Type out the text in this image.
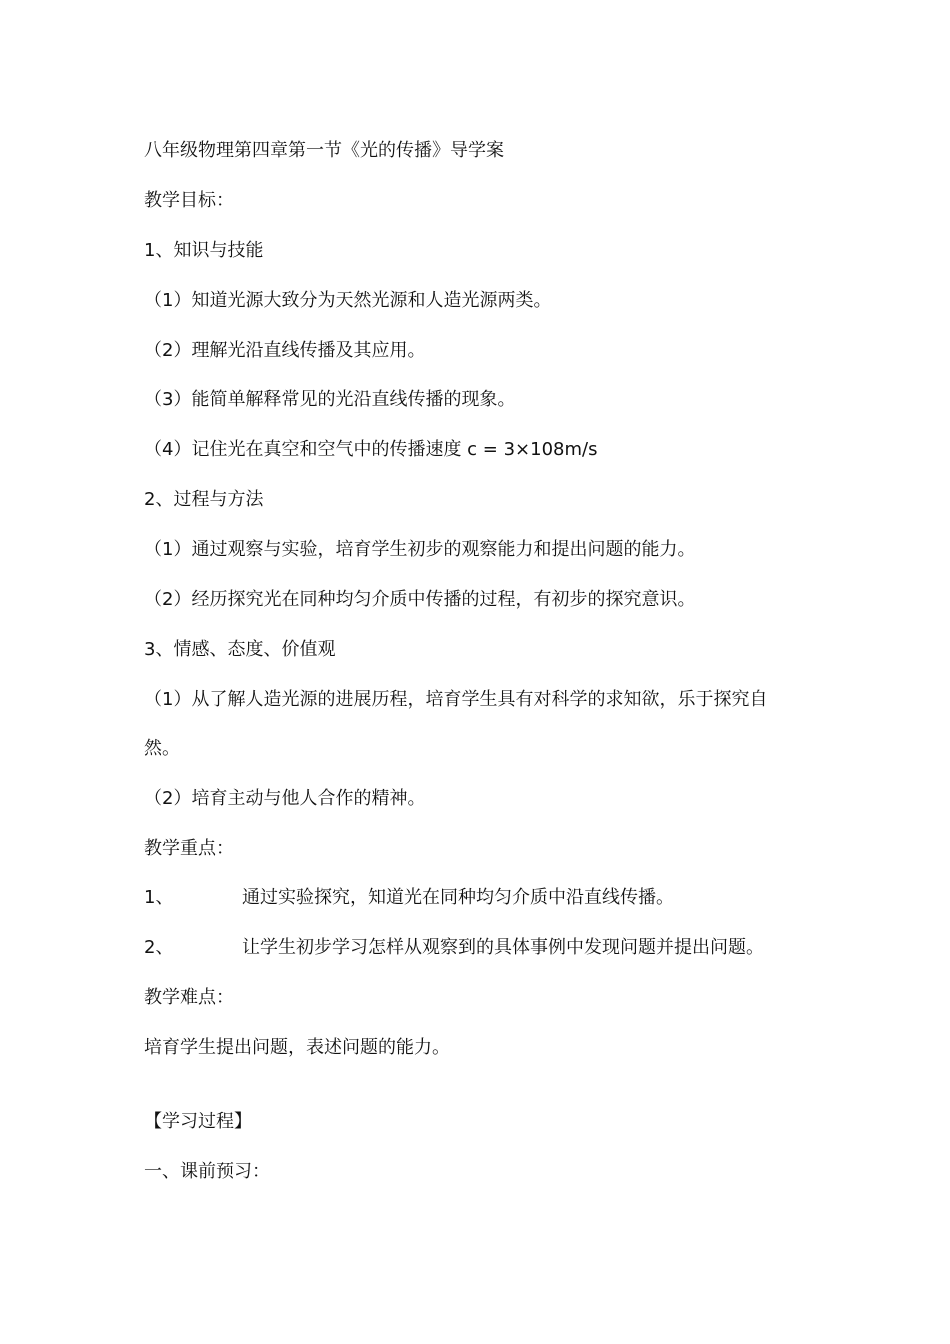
八年级物理第四章第一节《光的传播》导学案
教学目标：
1、知识与技能
（1）知道光源大致分为天然光源和人造光源两类。
（2）理解光沿直线传播及其应用。
（3）能简单解释常见的光沿直线传播的现象。
（4）记住光在真空和空气中的传播速度 c = 3×108m/s
2、过程与方法
（1）通过观察与实验，培育学生初步的观察能力和提出问题的能力。
（2）经历探究光在同种均匀介质中传播的过程，有初步的探究意识。
3、情感、态度、价值观
（1）从了解人造光源的进展历程，培育学生具有对科学的求知欲，乐于探究自
然。
（2）培育主动与他人合作的精神。
教学重点：
1、	通过实验探究，知道光在同种均匀介质中沿直线传播。
2、	让学生初步学习怎样从观察到的具体事例中发现问题并提出问题。
教学难点：
培育学生提出问题，表述问题的能力。
【学习过程】
一、课前预习：
